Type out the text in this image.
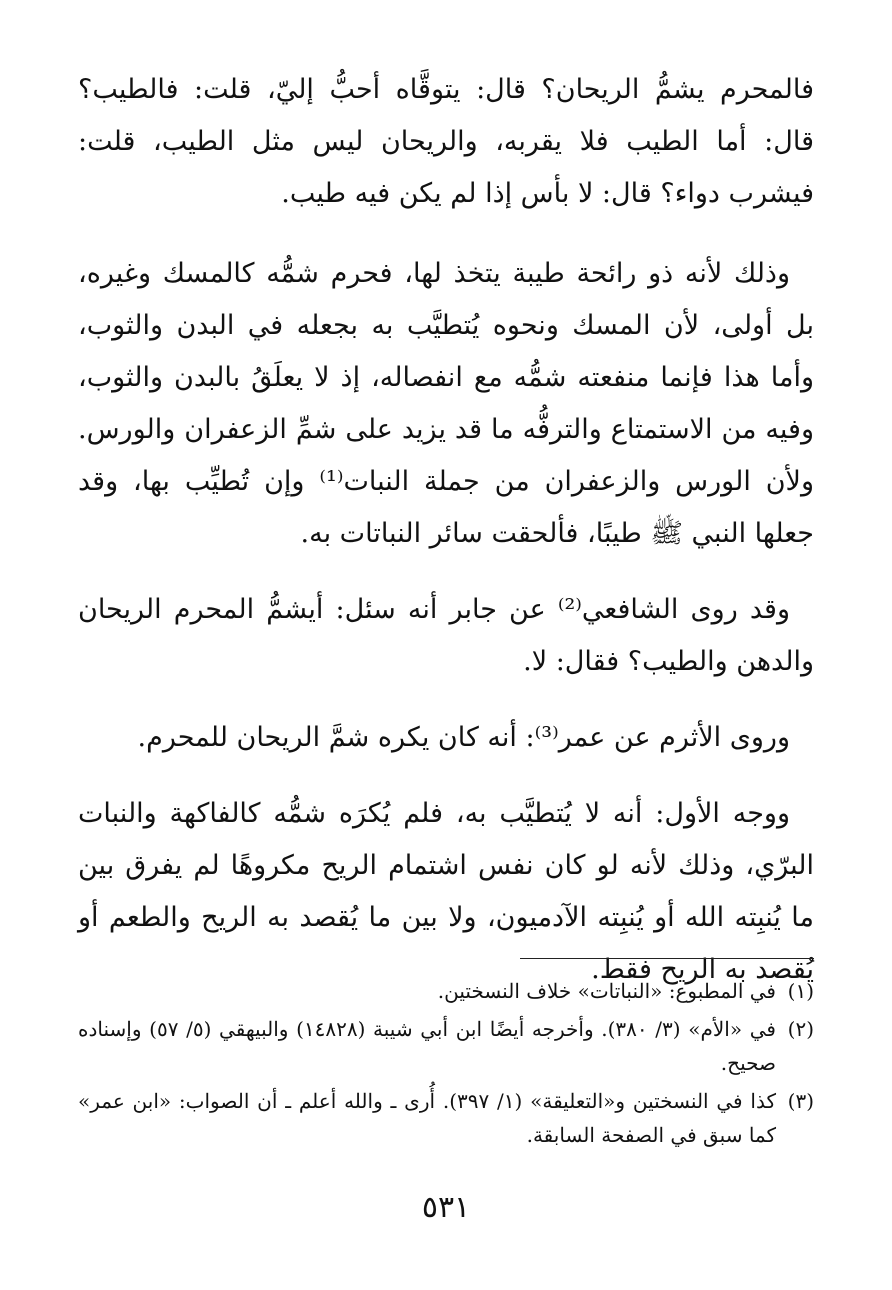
فالمحرم يشمُّ الريحان؟ قال: يتوقَّاه أحبُّ إليّ، قلت: فالطيب؟ قال: أما الطيب فلا يقربه، والريحان ليس مثل الطيب، قلت: فيشرب دواء؟ قال: لا بأس إذا لم يكن فيه طيب.

وذلك لأنه ذو رائحة طيبة يتخذ لها، فحرم شمُّه كالمسك وغيره، بل أولى، لأن المسك ونحوه يُتطيَّب به بجعله في البدن والثوب، وأما هذا فإنما منفعته شمُّه مع انفصاله، إذ لا يعلَقُ بالبدن والثوب، وفيه من الاستمتاع والترفُّه ما قد يزيد على شمِّ الزعفران والورس. ولأن الورس والزعفران من جملة النبات⁽¹⁾ وإن تُطيِّب بها، وقد جعلها النبي ﷺ طيبًا، فألحقت سائر النباتات به.

وقد روى الشافعي⁽²⁾ عن جابر أنه سئل: أيشمُّ المحرم الريحان والدهن والطيب؟ فقال: لا.

وروى الأثرم عن عمر⁽³⁾: أنه كان يكره شمَّ الريحان للمحرم.

ووجه الأول: أنه لا يُتطيَّب به، فلم يُكرَه شمُّه كالفاكهة والنبات البرّي، وذلك لأنه لو كان نفس اشتمام الريح مكروهًا لم يفرق بين ما يُنبِته الله أو يُنبِته الآدميون، ولا بين ما يُقصد به الريح والطعم أو يُقصد به الريح فقط.

(١)
في المطبوع: «النباتات» خلاف النسختين.
(٢)
في «الأم» (٣/ ٣٨٠). وأخرجه أيضًا ابن أبي شيبة (١٤٨٢٨) والبيهقي (٥/ ٥٧) وإسناده صحيح.
(٣)
كذا في النسختين و«التعليقة» (١/ ٣٩٧). أُرى ـ والله أعلم ـ أن الصواب: «ابن عمر» كما سبق في الصفحة السابقة.
٥٣١
